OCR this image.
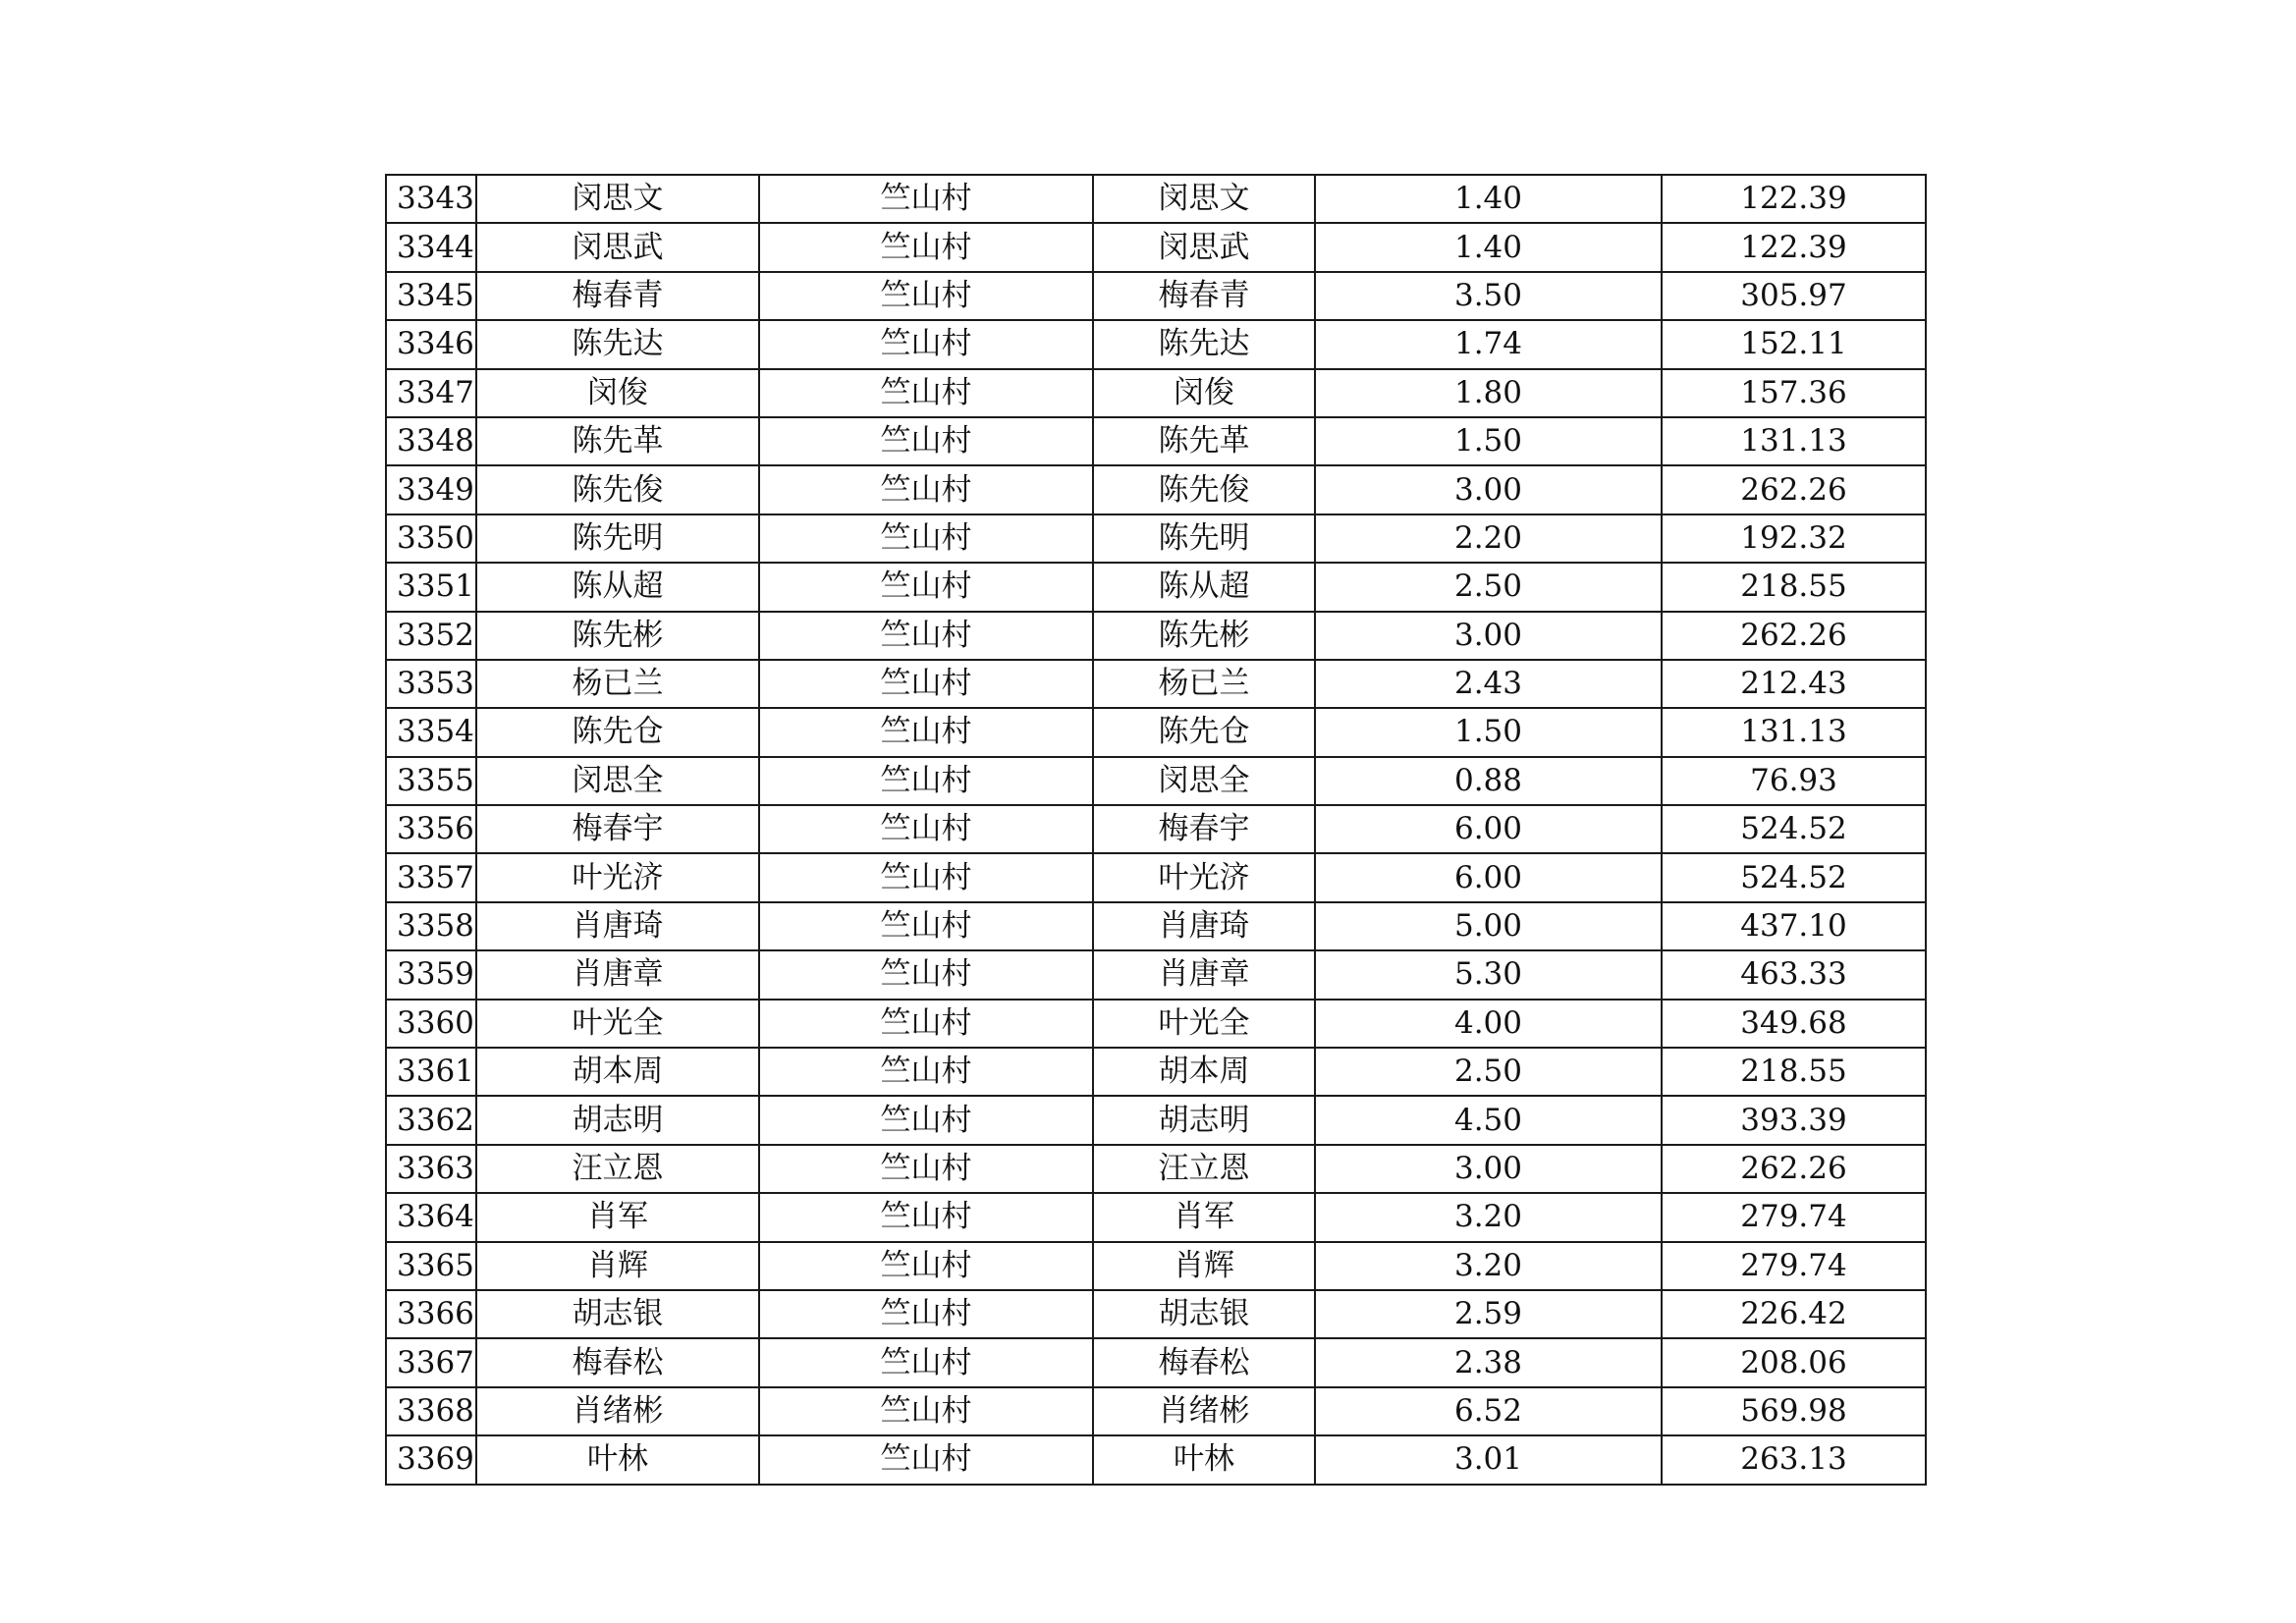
3343	闵思文	竺山村	闵思文	1.40	122.39
3344	闵思武	竺山村	闵思武	1.40	122.39
3345	梅春青	竺山村	梅春青	3.50	305.97
3346	陈先达	竺山村	陈先达	1.74	152.11
3347	闵俊	竺山村	闵俊	1.80	157.36
3348	陈先革	竺山村	陈先革	1.50	131.13
3349	陈先俊	竺山村	陈先俊	3.00	262.26
3350	陈先明	竺山村	陈先明	2.20	192.32
3351	陈从超	竺山村	陈从超	2.50	218.55
3352	陈先彬	竺山村	陈先彬	3.00	262.26
3353	杨已兰	竺山村	杨已兰	2.43	212.43
3354	陈先仓	竺山村	陈先仓	1.50	131.13
3355	闵思全	竺山村	闵思全	0.88	76.93
3356	梅春宇	竺山村	梅春宇	6.00	524.52
3357	叶光济	竺山村	叶光济	6.00	524.52
3358	肖唐琦	竺山村	肖唐琦	5.00	437.10
3359	肖唐章	竺山村	肖唐章	5.30	463.33
3360	叶光全	竺山村	叶光全	4.00	349.68
3361	胡本周	竺山村	胡本周	2.50	218.55
3362	胡志明	竺山村	胡志明	4.50	393.39
3363	汪立恩	竺山村	汪立恩	3.00	262.26
3364	肖军	竺山村	肖军	3.20	279.74
3365	肖辉	竺山村	肖辉	3.20	279.74
3366	胡志银	竺山村	胡志银	2.59	226.42
3367	梅春松	竺山村	梅春松	2.38	208.06
3368	肖绪彬	竺山村	肖绪彬	6.52	569.98
3369	叶林	竺山村	叶林	3.01	263.13
